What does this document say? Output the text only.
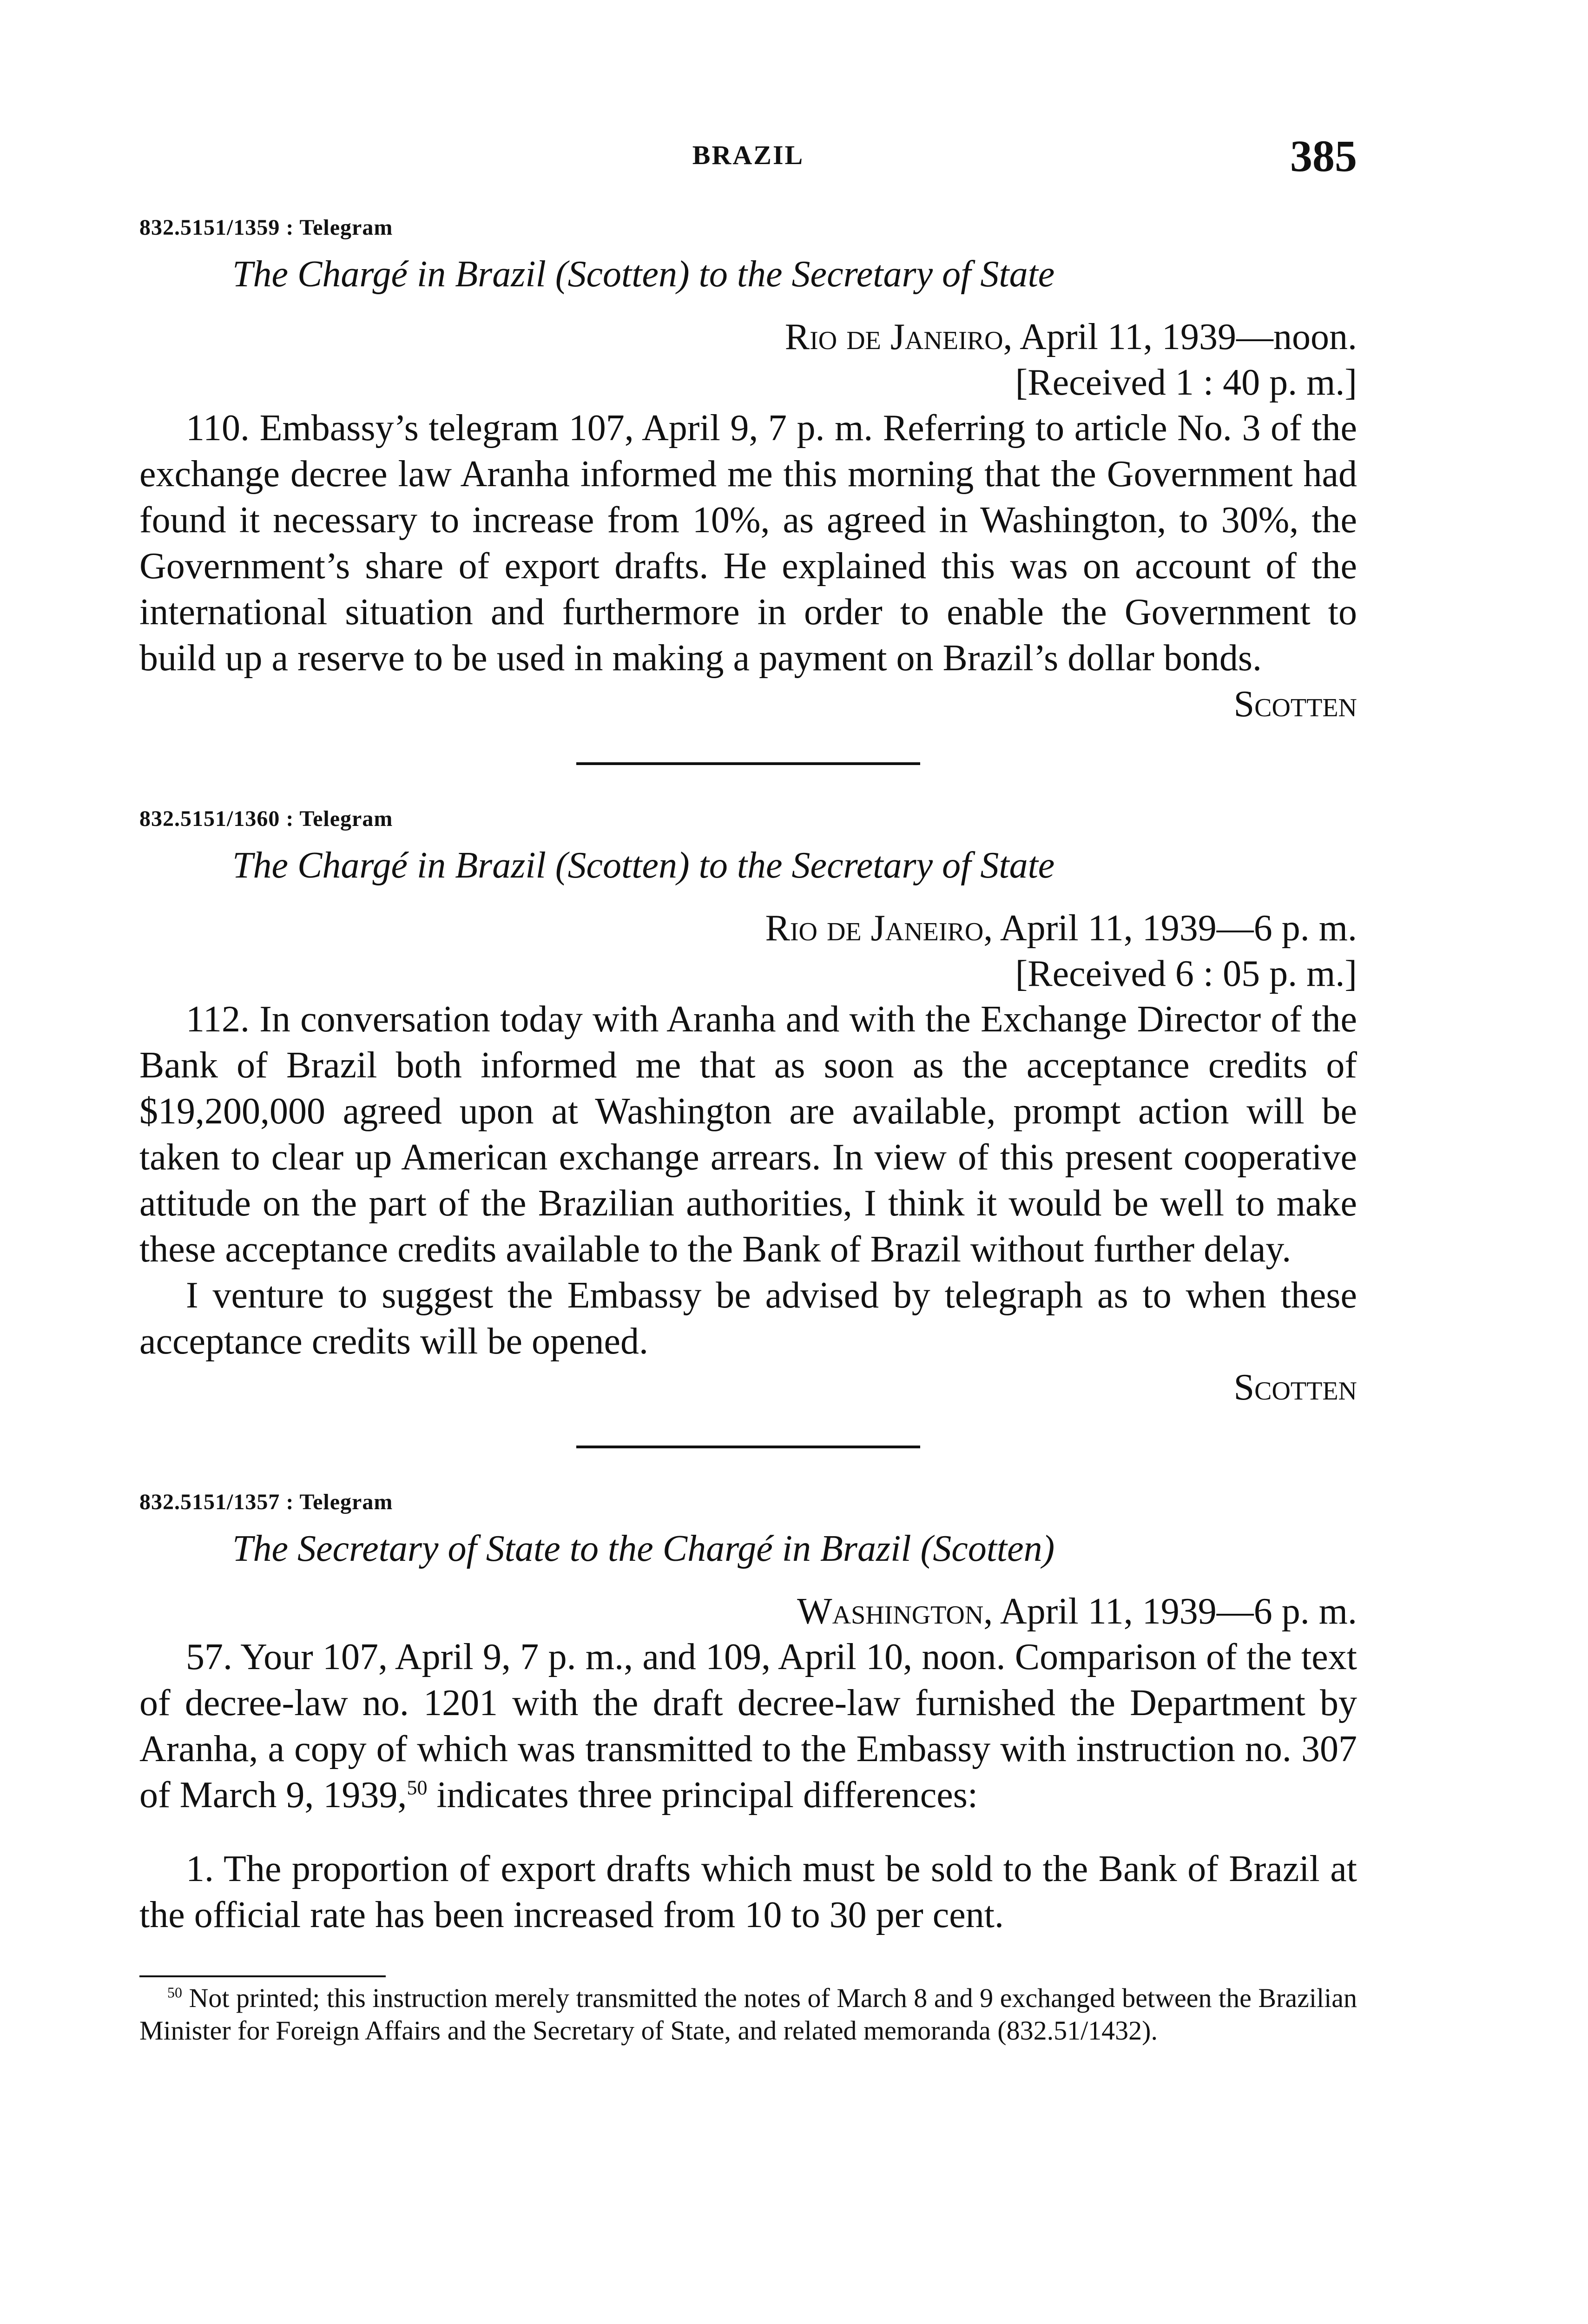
BRAZIL	385
832.5151/1359 : Telegram
The Chargé in Brazil (Scotten) to the Secretary of State
Rio de Janeiro, April 11, 1939—noon.
[Received 1 : 40 p. m.]

110. Embassy’s telegram 107, April 9, 7 p. m. Referring to article No. 3 of the exchange decree law Aranha informed me this morning that the Government had found it necessary to increase from 10%, as agreed in Washington, to 30%, the Government’s share of export drafts. He explained this was on account of the international situation and furthermore in order to enable the Government to build up a reserve to be used in making a payment on Brazil’s dollar bonds.

Scotten
832.5151/1360 : Telegram
The Chargé in Brazil (Scotten) to the Secretary of State
Rio de Janeiro, April 11, 1939—6 p. m.
[Received 6 : 05 p. m.]

112. In conversation today with Aranha and with the Exchange Director of the Bank of Brazil both informed me that as soon as the acceptance credits of $19,200,000 agreed upon at Washington are available, prompt action will be taken to clear up American exchange arrears. In view of this present cooperative attitude on the part of the Brazilian authorities, I think it would be well to make these acceptance credits available to the Bank of Brazil without further delay.

I venture to suggest the Embassy be advised by telegraph as to when these acceptance credits will be opened.

Scotten
832.5151/1357 : Telegram
The Secretary of State to the Chargé in Brazil (Scotten)
Washington, April 11, 1939—6 p. m.

57. Your 107, April 9, 7 p. m., and 109, April 10, noon. Comparison of the text of decree-law no. 1201 with the draft decree-law furnished the Department by Aranha, a copy of which was transmitted to the Embassy with instruction no. 307 of March 9, 1939,50 indicates three principal differences:

1. The proportion of export drafts which must be sold to the Bank of Brazil at the official rate has been increased from 10 to 30 per cent.

$^{50}$ Not printed; this instruction merely transmitted the notes of March 8 and 9 exchanged between the Brazilian Minister for Foreign Affairs and the Secretary of State, and related memoranda (832.51/1432).
